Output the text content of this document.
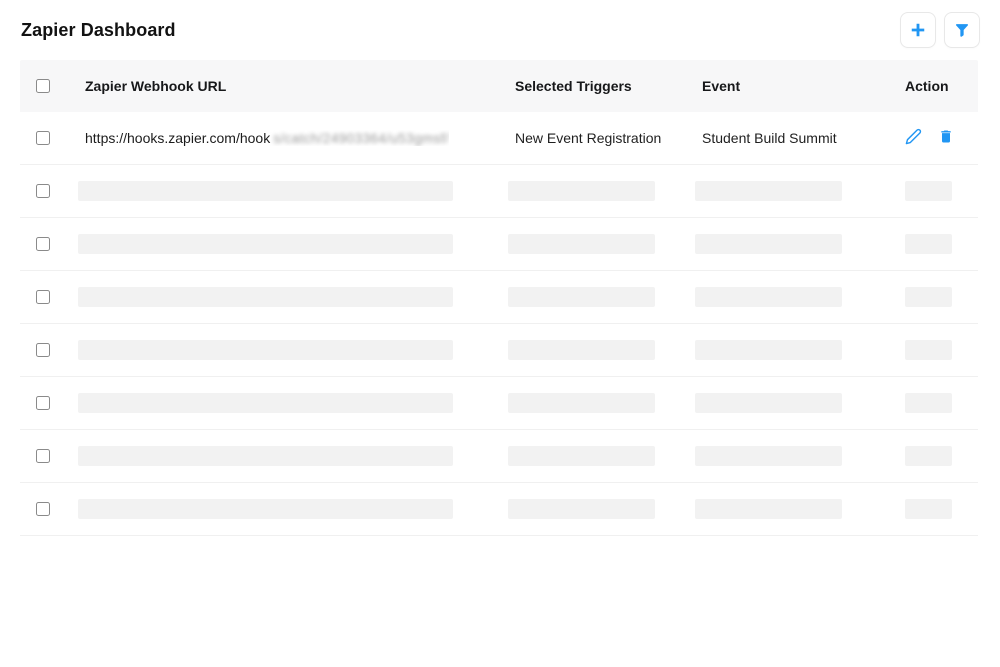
Zapier Dashboard
Zapier Webhook URL	Selected Triggers	Event	Action
https://hooks.zapier.com/hook s/catch/24903364/u53gmsf/	New Event Registration	Student Build Summit
